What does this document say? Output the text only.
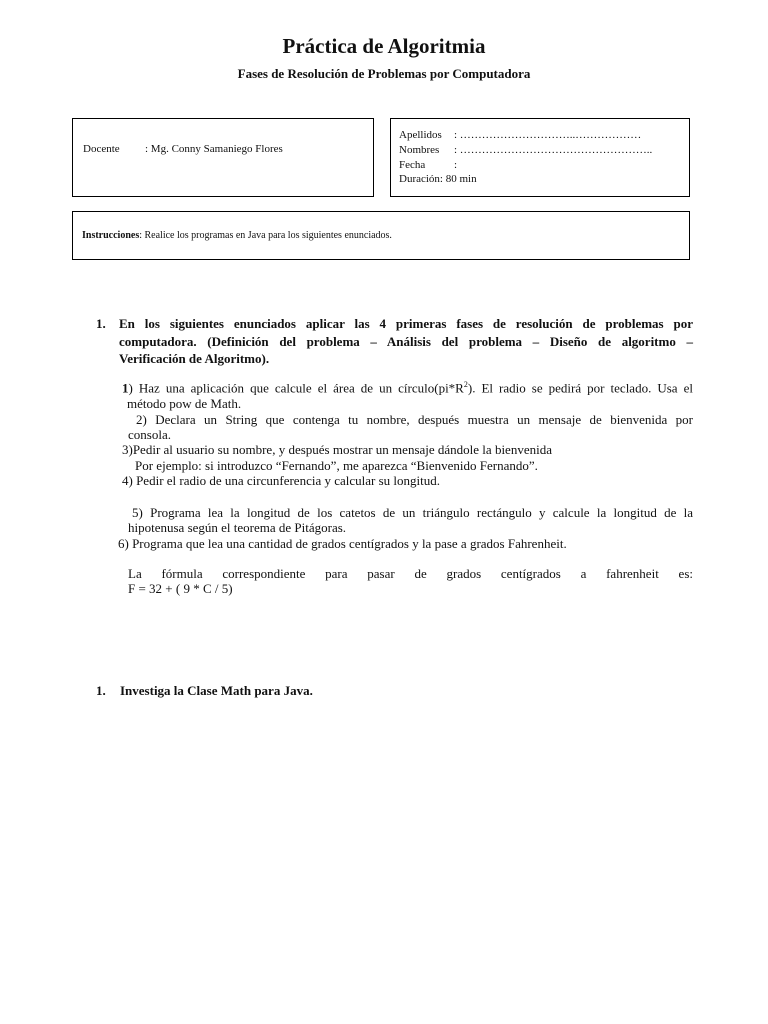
Práctica de Algoritmia
Fases de Resolución de Problemas por Computadora
Docente : Mg. Conny Samaniego Flores
Apellidos : …………………………..………………
Nombres : ……………………………………………..
Fecha	:
Duración: 80 min
Instrucciones: Realice los programas en Java para los siguientes enunciados.
1. En los siguientes enunciados aplicar las 4 primeras fases de resolución de problemas por
computadora. (Definición del problema – Análisis del problema – Diseño de algoritmo –
Verificación de Algoritmo).
1) Haz una aplicación que calcule el área de un $círculo(pi*R^2)$. El radio se pedirá por teclado. Usa el
método pow de Math.
2) Declara un String que contenga tu nombre, después muestra un mensaje de bienvenida por
consola.
3)Pedir al usuario su nombre, y después mostrar un mensaje dándole la bienvenida
Por ejemplo: si introduzco “Fernando”, me aparezca “Bienvenido Fernando”.
4) Pedir el radio de una circunferencia y calcular su longitud.
5) Programa lea la longitud de los catetos de un triángulo rectángulo y calcule la longitud de la
hipotenusa según el teorema de Pitágoras.
6) Programa que lea una cantidad de grados centígrados y la pase a grados Fahrenheit.
La fórmula correspondiente para pasar de grados centígrados a fahrenheit es:
F = 32 + ( 9 * C / 5)
1. Investiga la Clase Math para Java.
